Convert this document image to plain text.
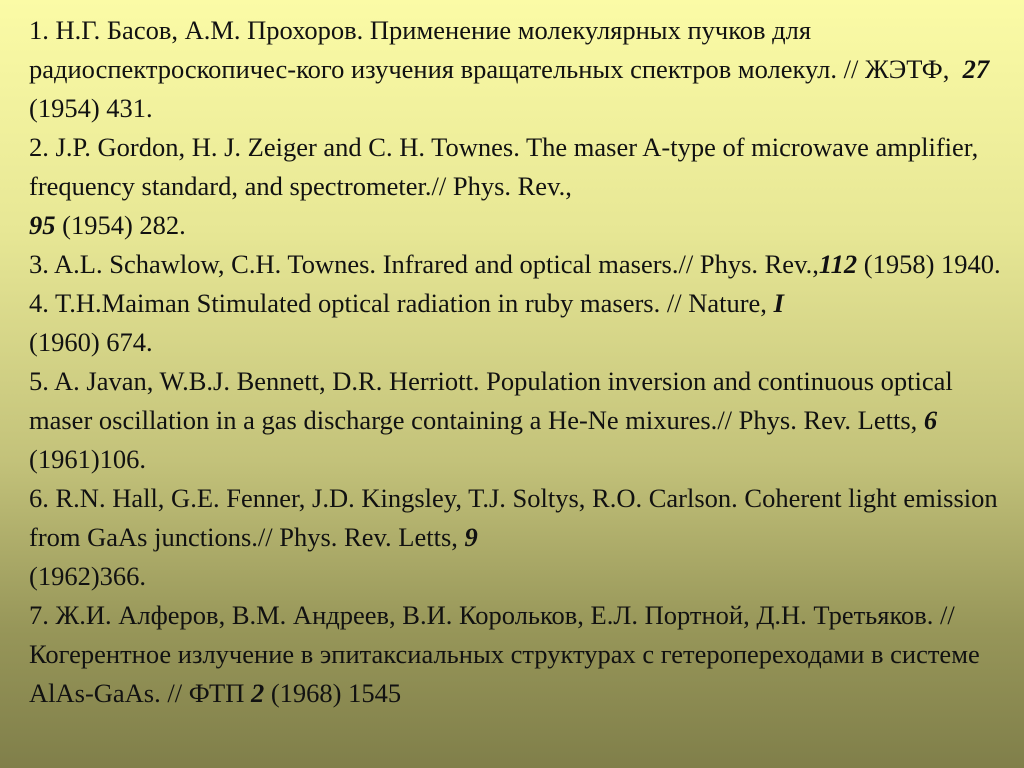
1. Н.Г. Басов, А.М. Прохоров. Применение молекулярных пучков для радиоспектроскопичес-кого изучения вращательных спектров молекул. // ЖЭТФ, 27 (1954) 431.

2. J.P. Gordon, H. J. Zeiger and C. H. Townes. The maser A-type of microwave amplifier, frequency standard, and spectrometer.// Phys. Rev.,
95 (1954) 282.

3. A.L. Schawlow, C.H. Townes. Infrared and optical masers.// Phys. Rev.,112 (1958) 1940.

4. T.H.Maiman Stimulated optical radiation in ruby masers. // Nature, I
(1960) 674.

5. A. Javan, W.B.J. Bennett, D.R. Herriott. Population inversion and continuous optical maser oscillation in a gas discharge containing a He-Ne mixures.// Phys. Rev. Letts, 6 (1961)106.

6. R.N. Hall, G.E. Fenner, J.D. Kingsley, T.J. Soltys, R.O. Carlson. Coherent light emission from GaAs junctions.// Phys. Rev. Letts, 9
(1962)366.

7. Ж.И. Алферов, В.М. Андреев, В.И. Корольков, Е.Л. Портной, Д.Н. Третьяков. // Когерентное излучение в эпитаксиальных структурах с гетеропереходами в системе AlAs-GaAs. // ФТП 2 (1968) 1545
